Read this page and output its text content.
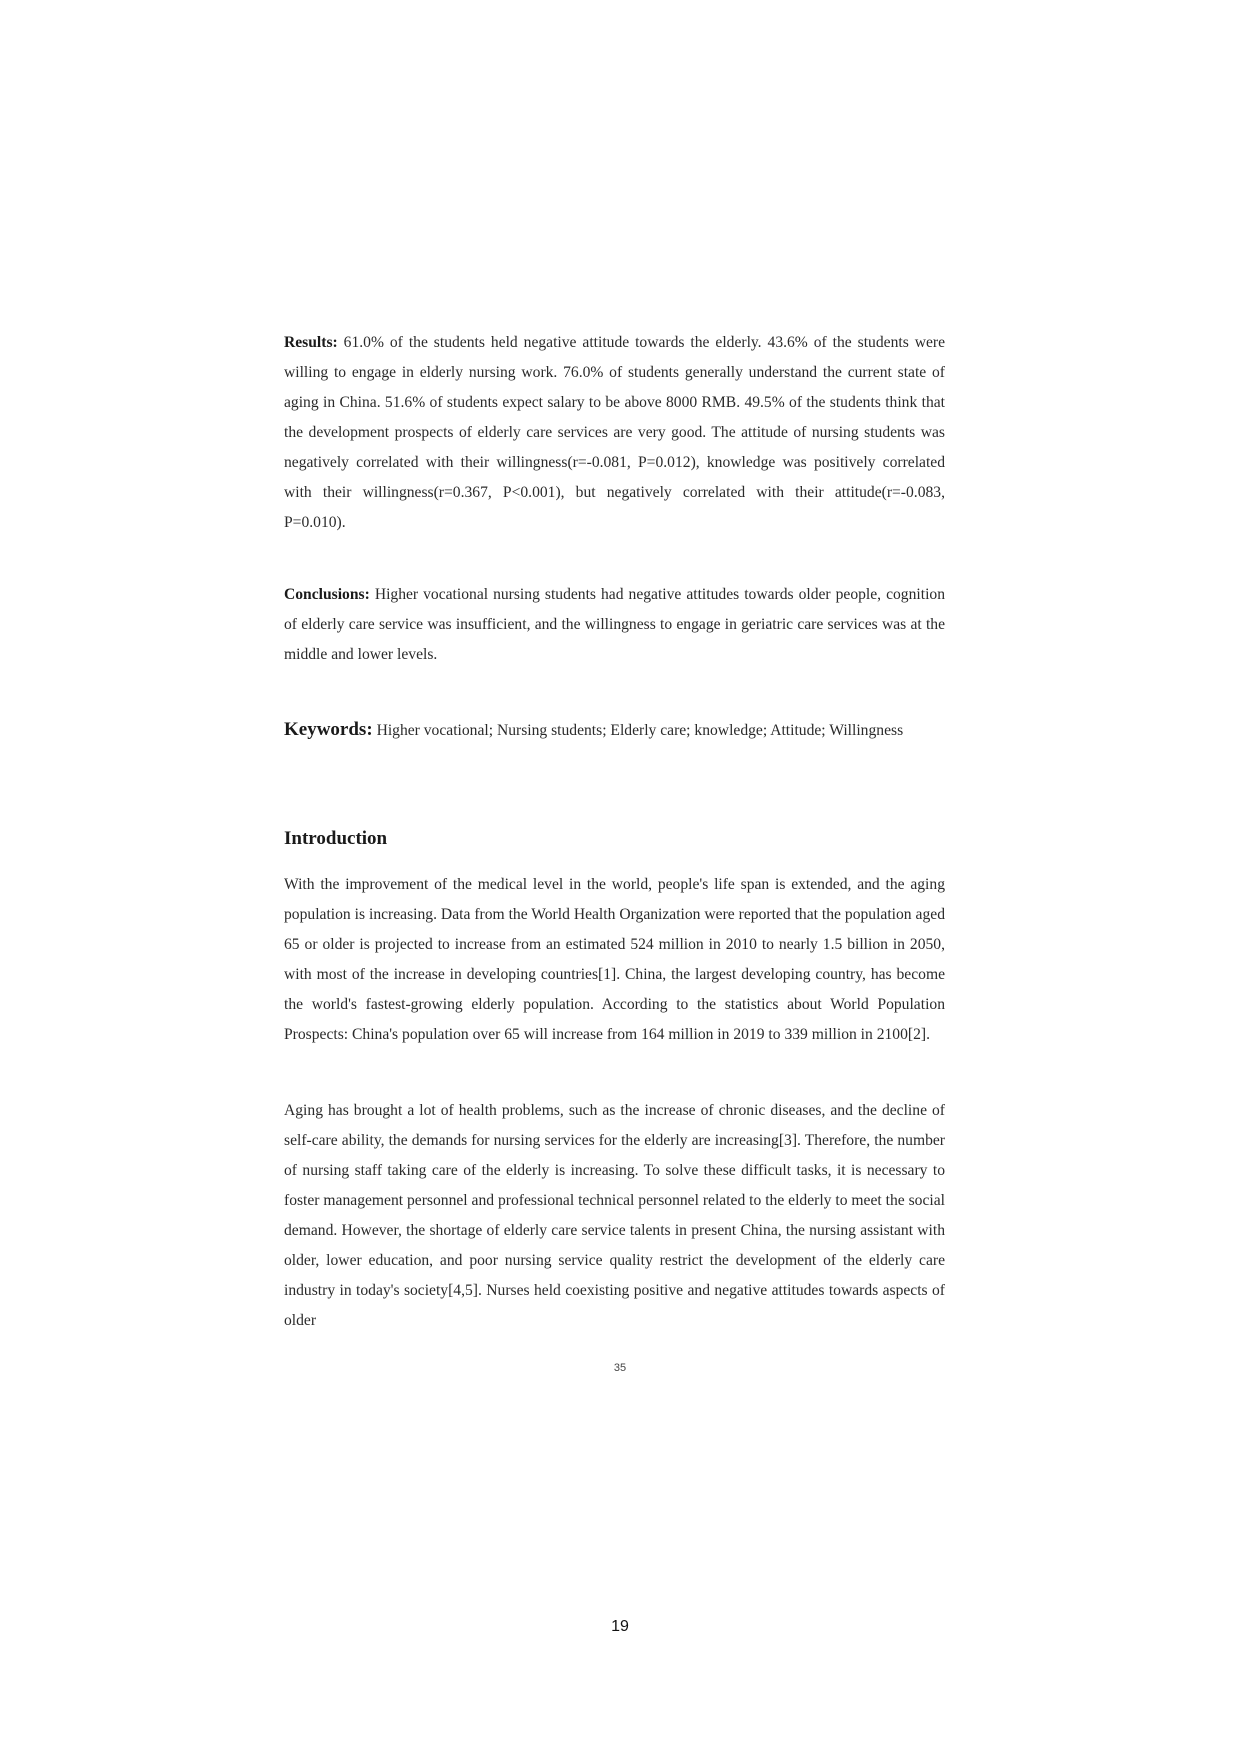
Results: 61.0% of the students held negative attitude towards the elderly. 43.6% of the students were willing to engage in elderly nursing work. 76.0% of students generally understand the current state of aging in China. 51.6% of students expect salary to be above 8000 RMB. 49.5% of the students think that the development prospects of elderly care services are very good. The attitude of nursing students was negatively correlated with their willingness(r=-0.081, P=0.012), knowledge was positively correlated with their willingness(r=0.367, P<0.001), but negatively correlated with their attitude(r=-0.083, P=0.010).

Conclusions: Higher vocational nursing students had negative attitudes towards older people, cognition of elderly care service was insufficient, and the willingness to engage in geriatric care services was at the middle and lower levels.

Keywords: Higher vocational; Nursing students; Elderly care; knowledge; Attitude; Willingness

Introduction

With the improvement of the medical level in the world, people's life span is extended, and the aging population is increasing. Data from the World Health Organization were reported that the population aged 65 or older is projected to increase from an estimated 524 million in 2010 to nearly 1.5 billion in 2050, with most of the increase in developing countries[1]. China, the largest developing country, has become the world's fastest-growing elderly population. According to the statistics about World Population Prospects: China's population over 65 will increase from 164 million in 2019 to 339 million in 2100[2].

Aging has brought a lot of health problems, such as the increase of chronic diseases, and the decline of self-care ability, the demands for nursing services for the elderly are increasing[3]. Therefore, the number of nursing staff taking care of the elderly is increasing. To solve these difficult tasks, it is necessary to foster management personnel and professional technical personnel related to the elderly to meet the social demand. However, the shortage of elderly care service talents in present China, the nursing assistant with older, lower education, and poor nursing service quality restrict the development of the elderly care industry in today's society[4,5]. Nurses held coexisting positive and negative attitudes towards aspects of older

35
19
